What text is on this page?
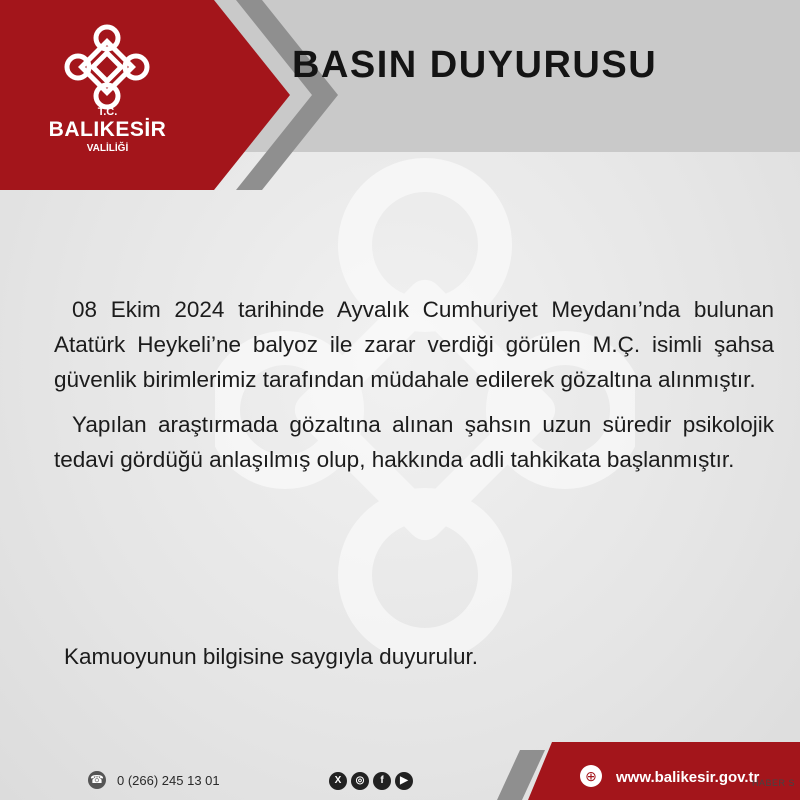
T.C.
BALIKESİR
VALİLİĞİ
BASIN DUYURUSU

08 Ekim 2024 tarihinde Ayvalık Cumhuriyet Meydanı’nda bulunan Atatürk Heykeli’ne balyoz ile zarar verdiği görülen M.Ç. isimli şahsa güvenlik birimlerimiz tarafından müdahale edilerek gözaltına alınmıştır.

Yapılan araştırmada gözaltına alınan şahsın uzun süredir psikolojik tedavi gördüğü anlaşılmış olup, hakkında adli tahkikata başlanmıştır.

Kamuoyunun bilgisine saygıyla duyurulur.
☎ 0 (266) 245 13 01	X	◎	f	▶	⊕	www.balikesir.gov.tr
HABER S
